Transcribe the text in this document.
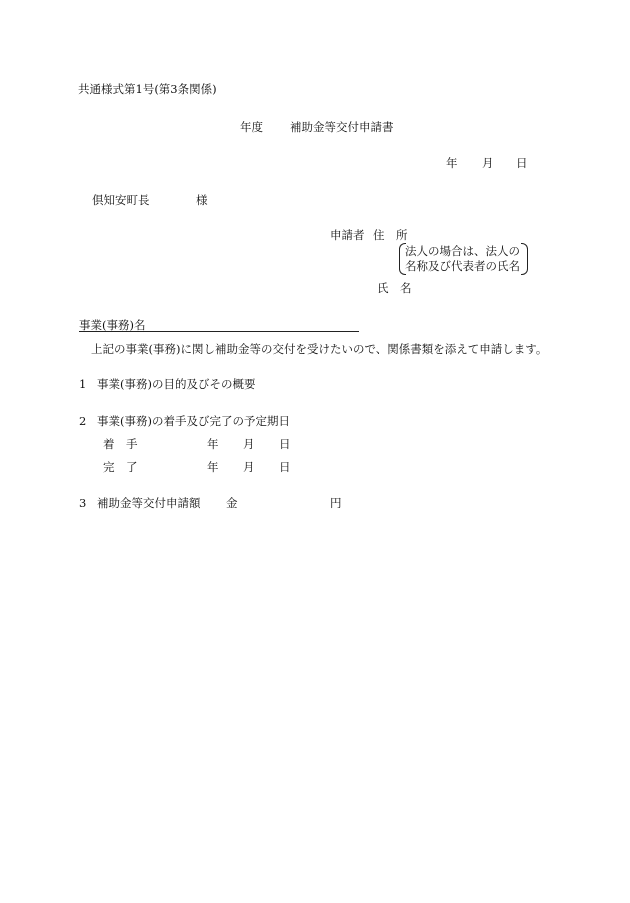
共通様式第1号(第3条関係)
年度 補助金等交付申請書
年 月 日
倶知安町長	様
申請者 住　所
法人の場合は、法人の
名称及び代表者の氏名
氏　名
事業(事務)名
上記の事業(事務)に関し補助金等の交付を受けたいので、関係書類を添えて申請します。
1 事業(事務)の目的及びその概要
2 事業(事務)の着手及び完了の予定期日
着　手	年 月 日
完　了	年 月 日
3 補助金等交付申請額 金	円
